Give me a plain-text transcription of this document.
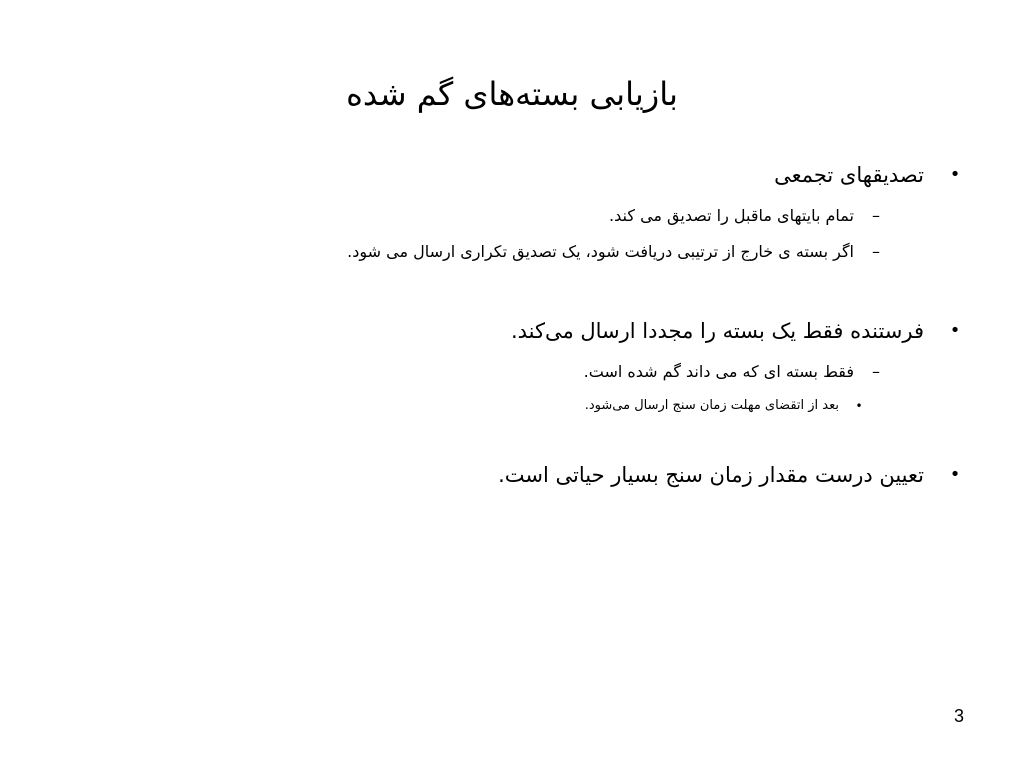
بازیابی بسته‌های گم شده
•
تصدیقهای تجمعی
–
تمام بایتهای ماقبل را تصدیق می کند.
–
اگر بسته ی خارج از ترتیبی دریافت شود، یک تصدیق تکراری ارسال می شود.
•
فرستنده فقط یک بسته را مجددا ارسال می‌کند.
–
فقط بسته ای که می داند گم شده است.
•
بعد از اتقضای مهلت زمان سنج ارسال می‌شود.
•
تعیین درست مقدار زمان سنج بسیار حیاتی است.
3
